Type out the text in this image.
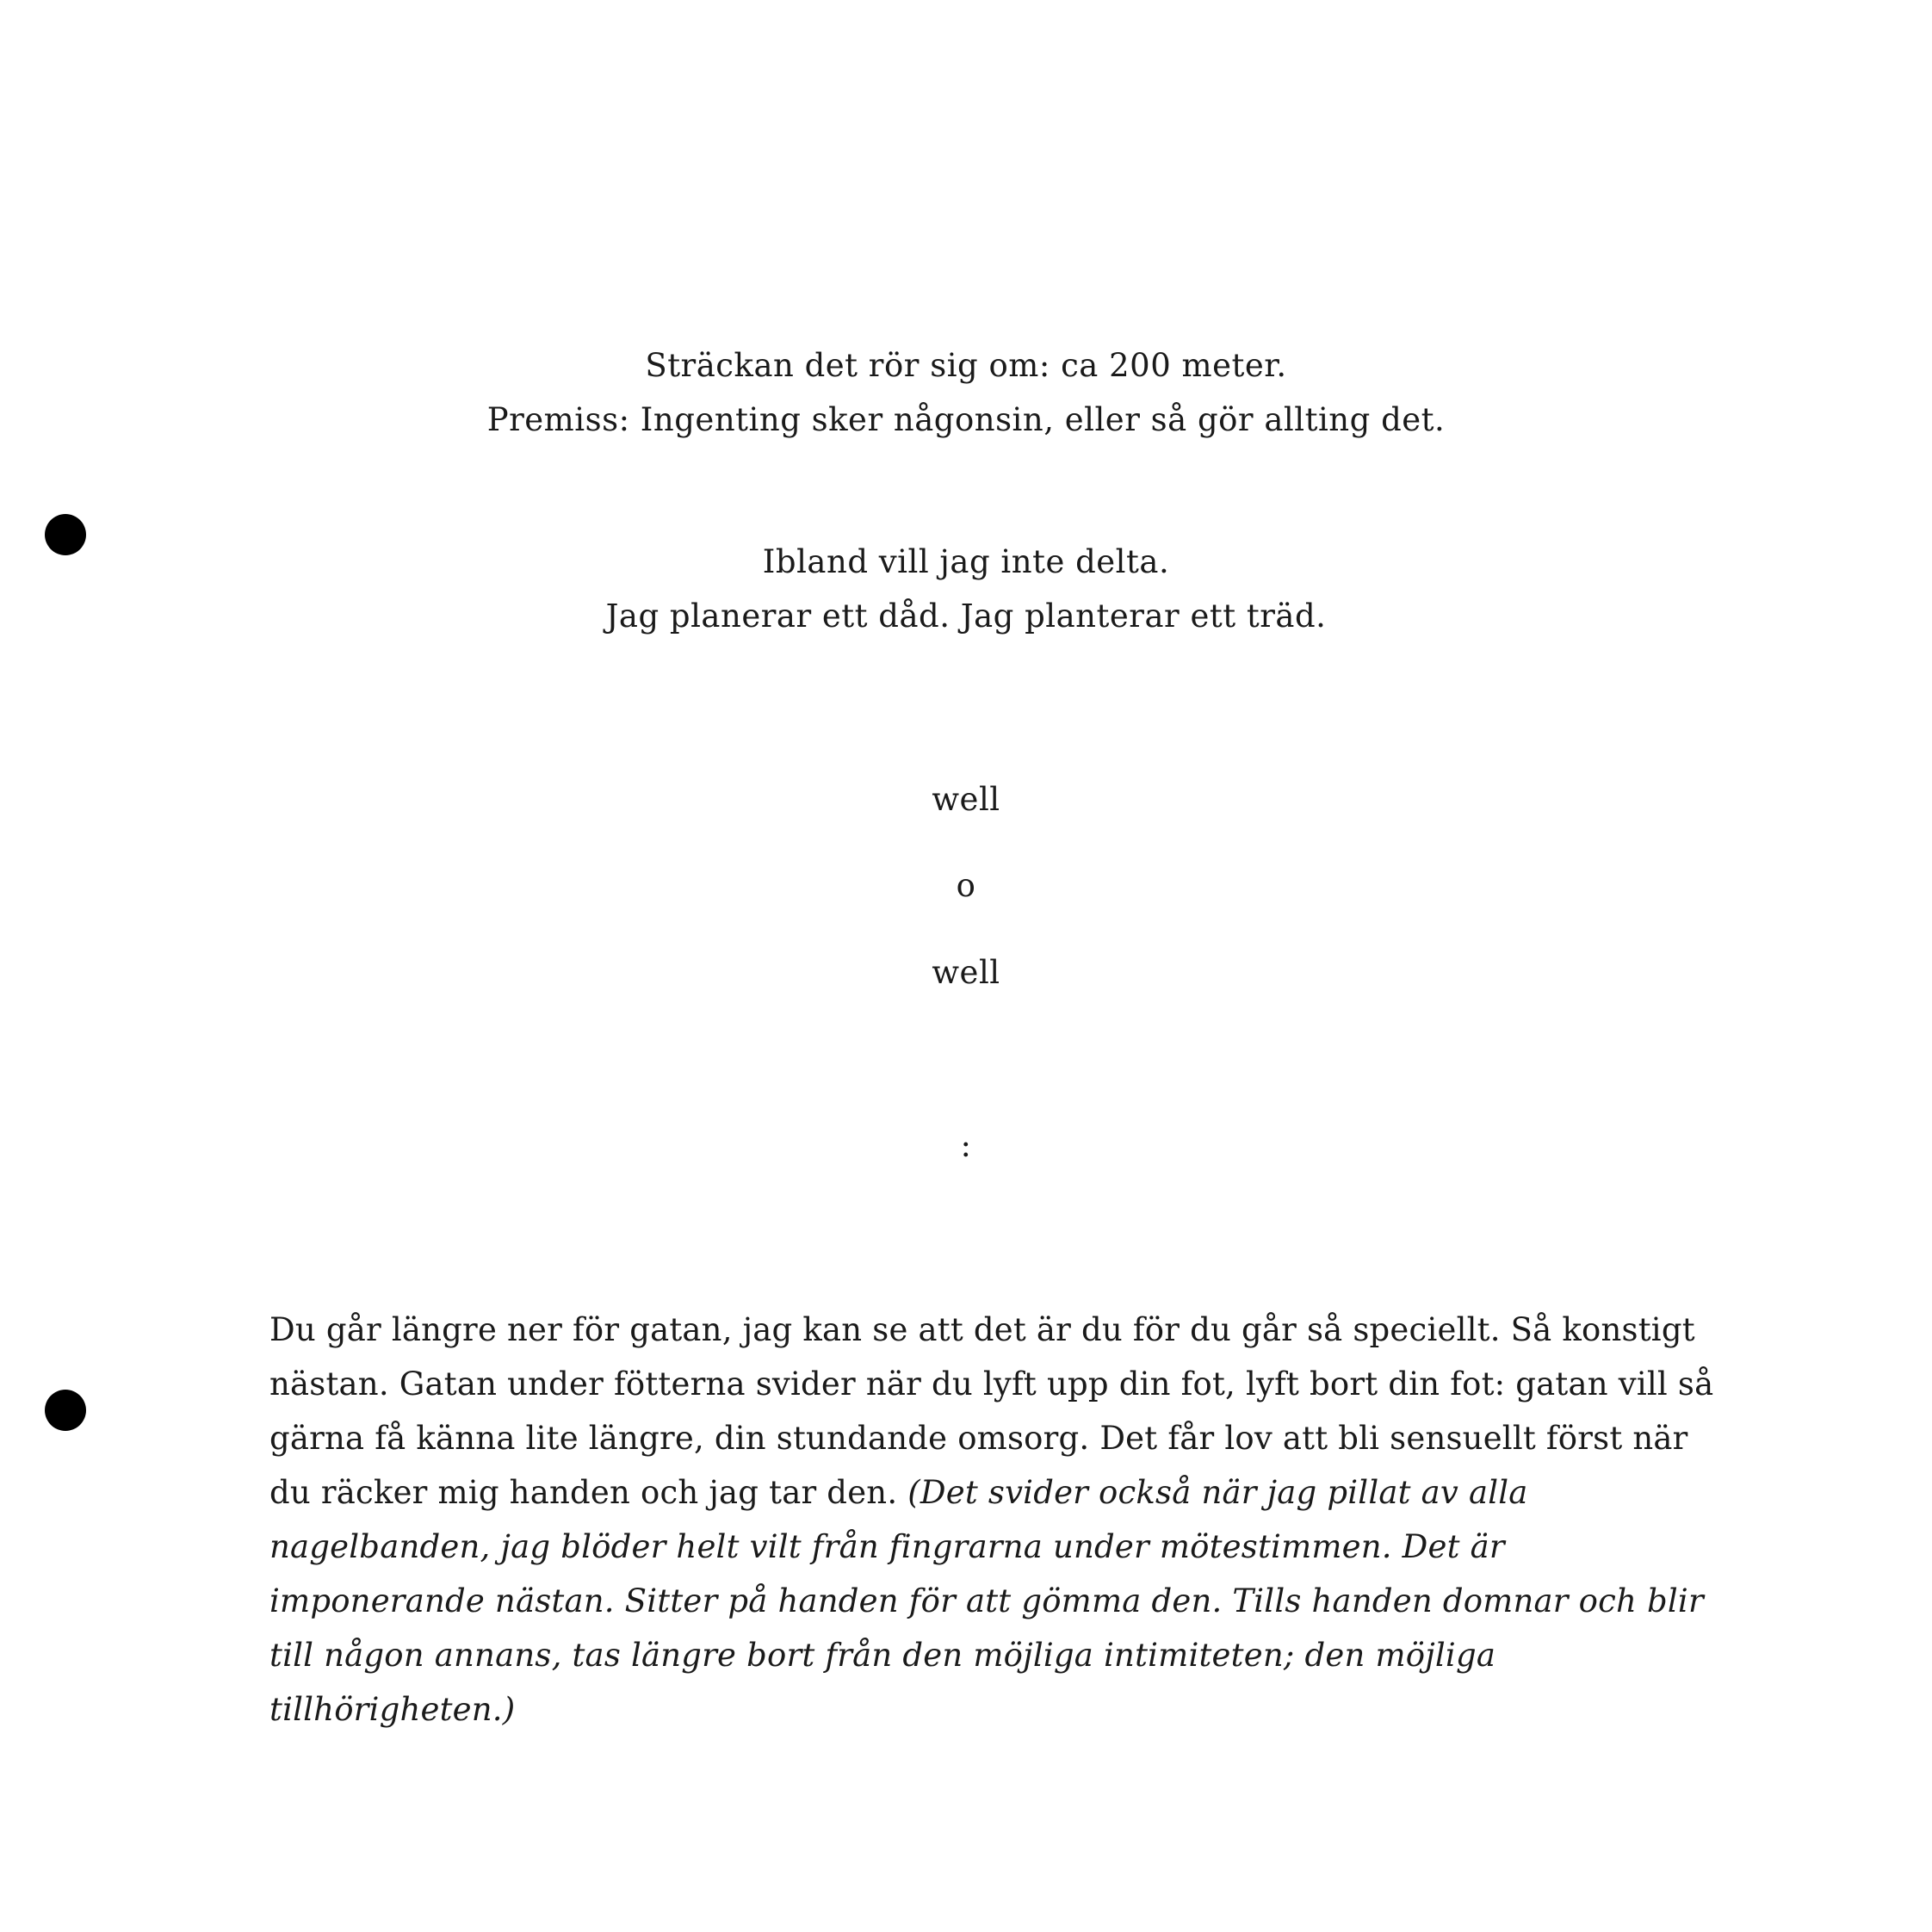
Sträckan det rör sig om: ca 200 meter.
Premiss: Ingenting sker någonsin, eller så gör allting det.
Ibland vill jag inte delta.
Jag planerar ett dåd. Jag planterar ett träd.
well
o
well
:
Du går längre ner för gatan, jag kan se att det är du för du går så speciellt. Så konstigt nästan. Gatan under fötterna svider när du lyft upp din fot, lyft bort din fot: gatan vill så gärna få känna lite längre, din stundande omsorg. Det får lov att bli sensuellt först när du räcker mig handen och jag tar den. (Det svider också när jag pillat av alla nagelbanden, jag blöder helt vilt från fingrarna under mötestimmen. Det är imponerande nästan. Sitter på handen för att gömma den. Tills handen domnar och blir till någon annans, tas längre bort från den möjliga intimiteten; den möjliga tillhörigheten.)
